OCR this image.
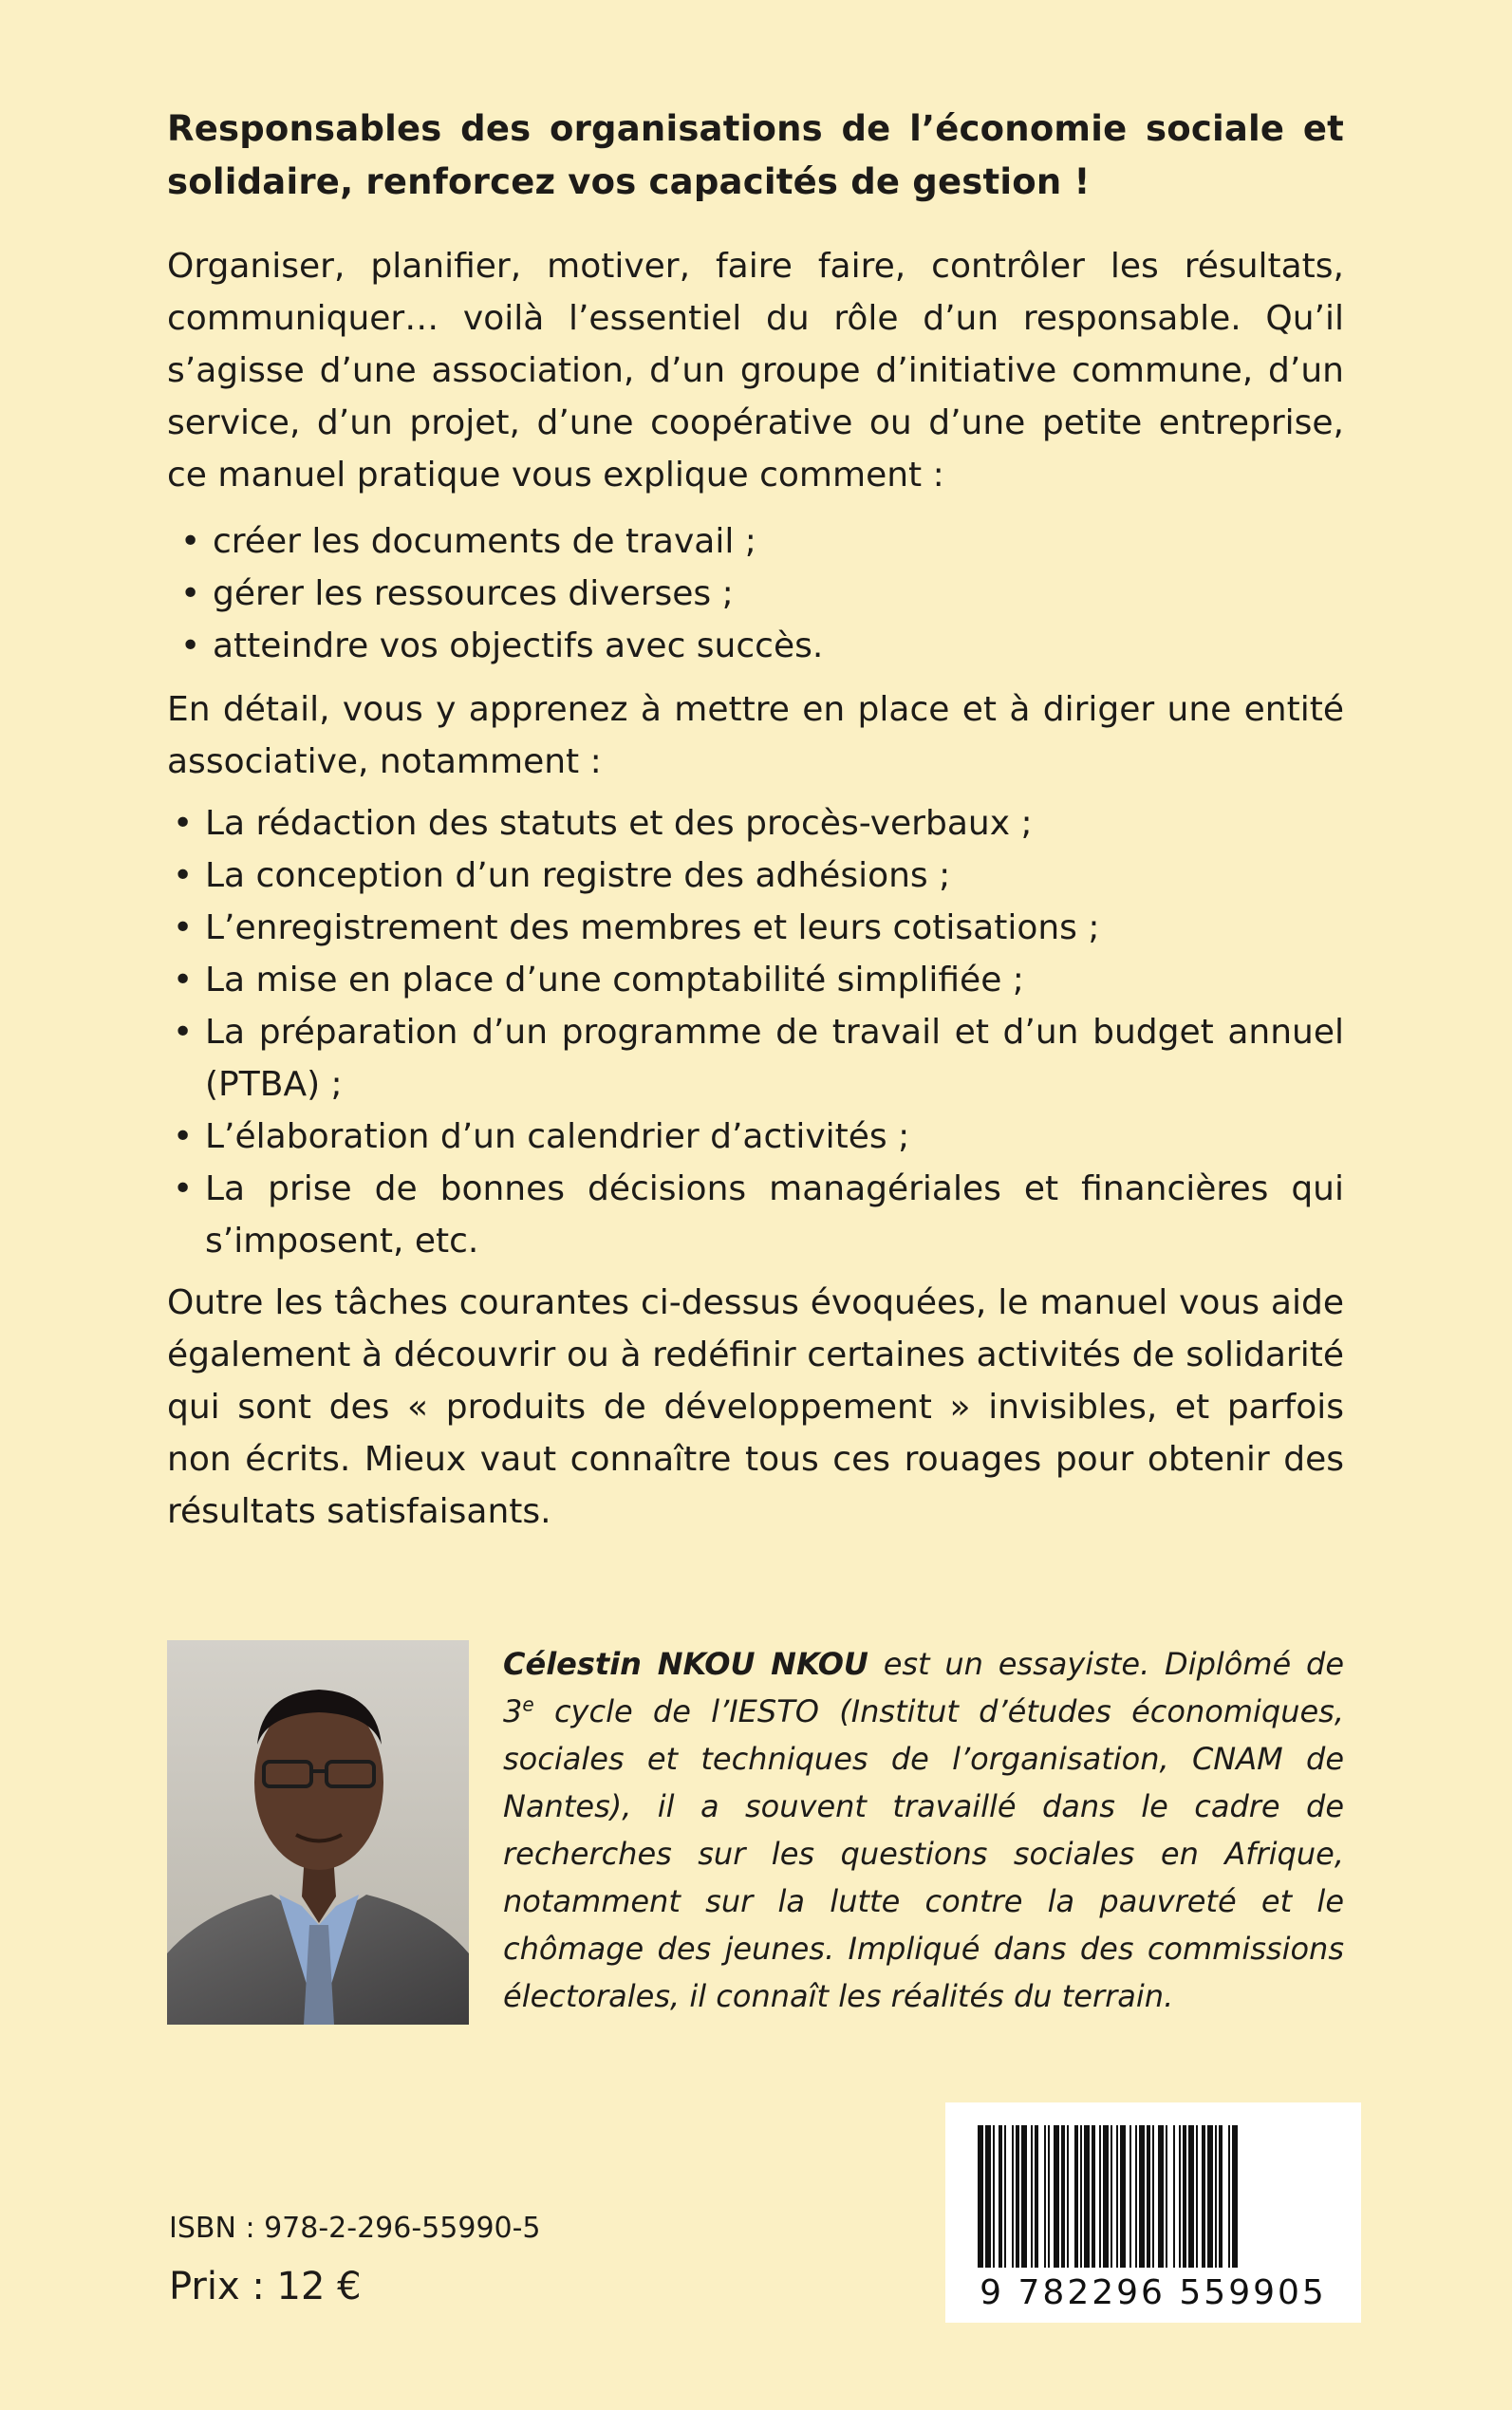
Responsables des organisations de l’économie sociale et solidaire, renforcez vos capacités de gestion !
Organiser, planifier, motiver, faire faire, contrôler les résultats, communiquer… voilà l’essentiel du rôle d’un responsable. Qu’il s’agisse d’une association, d’un groupe d’initiative commune, d’un service, d’un projet, d’une coopérative ou d’une petite entreprise, ce manuel pratique vous explique comment :
• créer les documents de travail ;
• gérer les ressources diverses ;
• atteindre vos objectifs avec succès.
En détail, vous y apprenez à mettre en place et à diriger une entité associative, notamment :
• La rédaction des statuts et des procès-verbaux ;
• La conception d’un registre des adhésions ;
• L’enregistrement des membres et leurs cotisations ;
• La mise en place d’une comptabilité simplifiée ;
• La préparation d’un programme de travail et d’un budget annuel (PTBA) ;
• L’élaboration d’un calendrier d’activités ;
• La prise de bonnes décisions managériales et financières qui s’imposent, etc.
Outre les tâches courantes ci-dessus évoquées, le manuel vous aide également à découvrir ou à redéfinir certaines activités de solidarité qui sont des « produits de développement » invisibles, et parfois non écrits. Mieux vaut connaître tous ces rouages pour obtenir des résultats satisfaisants.
Célestin NKOU NKOU est un essayiste. Diplômé de 3e cycle de l’IESTO (Institut d’études économiques, sociales et techniques de l’organisation, CNAM de Nantes), il a souvent travaillé dans le cadre de recherches sur les questions sociales en Afrique, notamment sur la lutte contre la pauvreté et le chômage des jeunes. Impliqué dans des commissions électorales, il connaît les réalités du terrain.
ISBN : 978-2-296-55990-5
Prix : 12 €	9 782296 559905
